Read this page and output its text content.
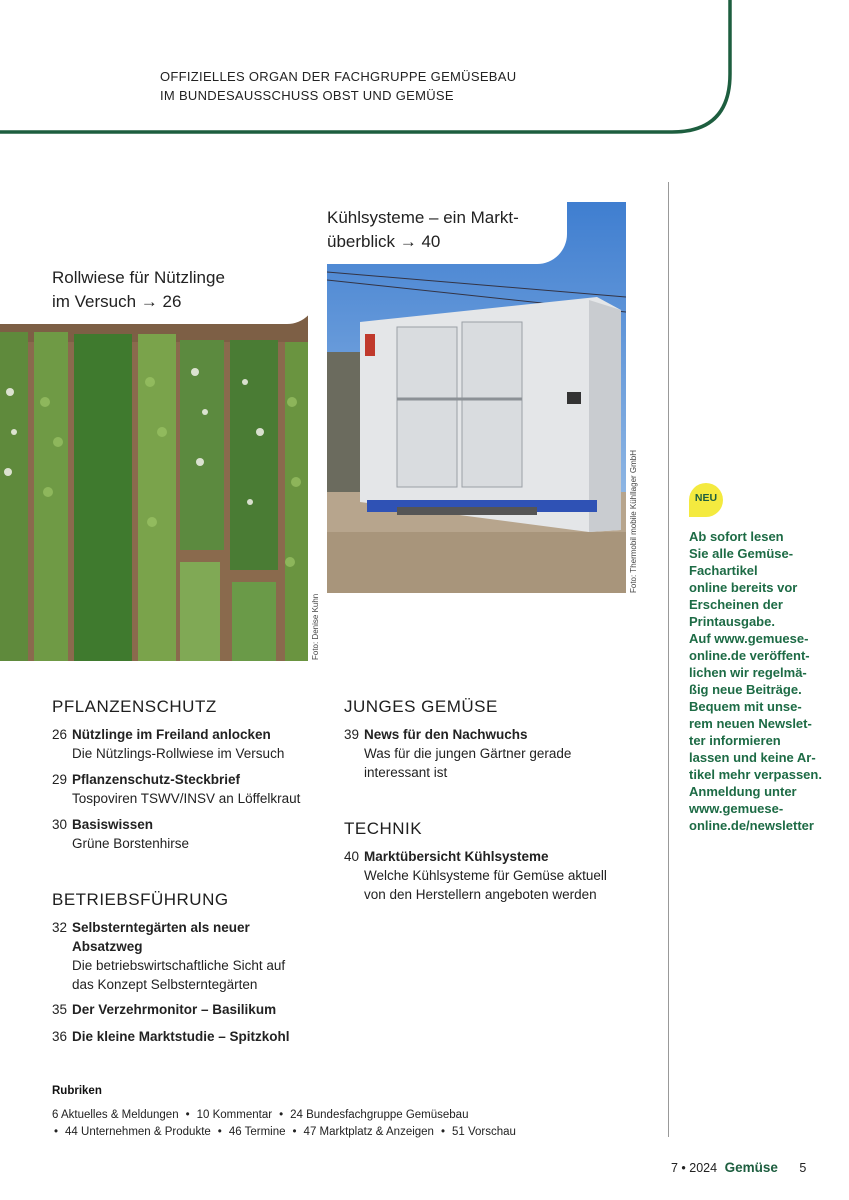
OFFIZIELLES ORGAN DER FACHGRUPPE GEMÜSEBAU
IM BUNDESAUSSCHUSS OBST UND GEMÜSE
Rollwiese für Nützlinge
im Versuch → 26
Foto: Denise Kuhn
Kühlsysteme – ein Markt-
überblick → 40
Foto: Thermobil mobile Kühllager GmbH
PFLANZENSCHUTZ
26 Nützlinge im Freiland anlocken
Die Nützlings-Rollwiese im Versuch
29 Pflanzenschutz-Steckbrief
Tospoviren TSWV/INSV an Löffelkraut
30 Basiswissen
Grüne Borstenhirse
BETRIEBSFÜHRUNG
32 Selbsterntegärten als neuer
Absatzweg
Die betriebswirtschaftliche Sicht auf
das Konzept Selbsterntegärten
35 Der Verzehrmonitor – Basilikum
36 Die kleine Marktstudie – Spitzkohl
JUNGES GEMÜSE
39 News für den Nachwuchs
Was für die jungen Gärtner gerade
interessant ist
TECHNIK
40 Marktübersicht Kühlsysteme
Welche Kühlsysteme für Gemüse aktuell
von den Herstellern angeboten werden
NEU
Ab sofort lesen
Sie alle Gemüse-
Fachartikel
online bereits vor
Erscheinen der
Printausgabe.
Auf www.gemuese-
online.de veröffent-
lichen wir regelmä-
ßig neue Beiträge.
Bequem mit unse-
rem neuen Newslet-
ter informieren
lassen und keine Ar-
tikel mehr verpassen.
Anmeldung unter
www.gemuese-
online.de/newsletter
Rubriken
6 Aktuelles & Meldungen • 10 Kommentar • 24 Bundesfachgruppe Gemüsebau
• 44 Unternehmen & Produkte • 46 Termine • 47 Marktplatz & Anzeigen • 51 Vorschau
7 • 2024 Gemüse 5
